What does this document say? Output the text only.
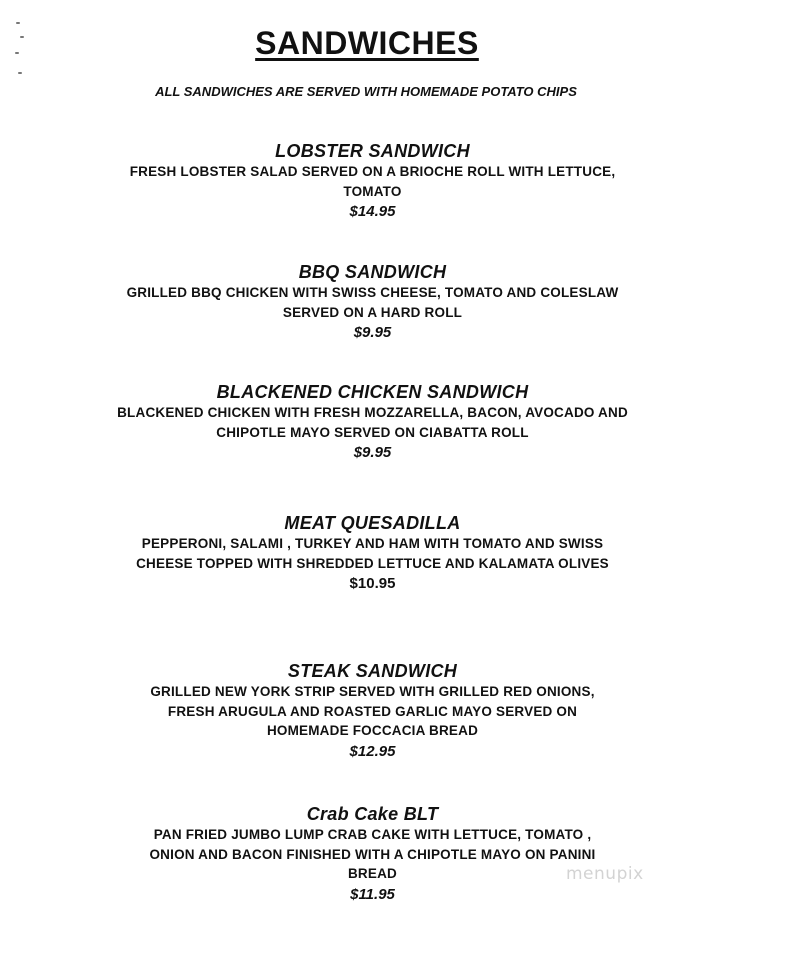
SANDWICHES
ALL SANDWICHES ARE SERVED WITH HOMEMADE POTATO CHIPS
LOBSTER SANDWICH
FRESH LOBSTER SALAD SERVED ON A BRIOCHE ROLL WITH LETTUCE, TOMATO
$14.95
BBQ SANDWICH
GRILLED BBQ CHICKEN WITH SWISS CHEESE, TOMATO AND COLESLAW SERVED ON A HARD ROLL
$9.95
BLACKENED CHICKEN SANDWICH
BLACKENED CHICKEN WITH FRESH MOZZARELLA, BACON, AVOCADO AND CHIPOTLE MAYO SERVED ON CIABATTA ROLL
$9.95
MEAT QUESADILLA
PEPPERONI, SALAMI , TURKEY AND HAM WITH TOMATO AND SWISS CHEESE TOPPED WITH SHREDDED LETTUCE AND KALAMATA OLIVES
$10.95
STEAK SANDWICH
GRILLED NEW YORK STRIP SERVED WITH GRILLED RED ONIONS, FRESH ARUGULA AND ROASTED GARLIC MAYO SERVED ON HOMEMADE FOCCACIA BREAD
$12.95
Crab Cake BLT
PAN FRIED JUMBO LUMP CRAB CAKE WITH LETTUCE, TOMATO , ONION AND BACON FINISHED WITH A CHIPOTLE MAYO ON PANINI BREAD
$11.95
menupix
